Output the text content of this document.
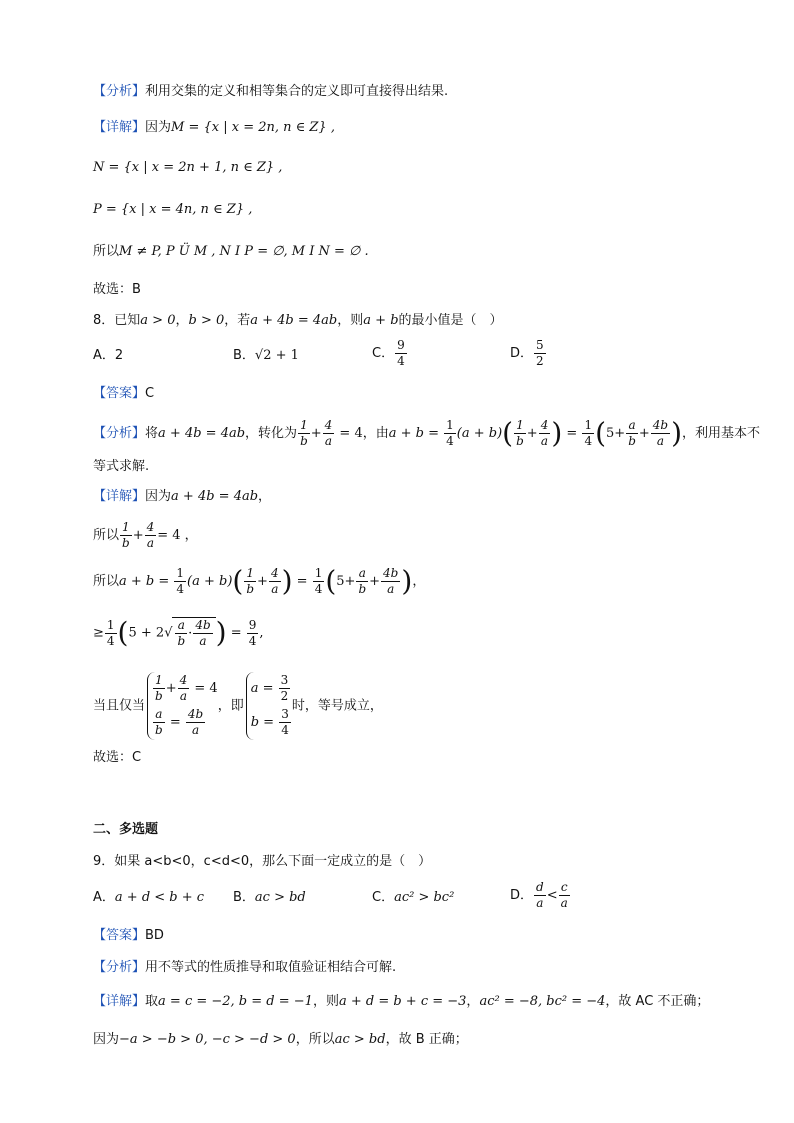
【分析】利用交集的定义和相等集合的定义即可直接得出结果.
【详解】因为M = {x | x = 2n, n ∈ Z} ,
N = {x | x = 2n + 1, n ∈ Z} ,
P = {x | x = 4n, n ∈ Z} ,
所以M ≠ P, P Ü M , N I P = ∅, M I N = ∅ .
故选：B
8．已知a > 0，b > 0，若a + 4b = 4ab，则a + b的最小值是（　）
A．2	B．√2 + 1	C． $\frac{9}{4}$	D． $\frac{5}{2}$
【答案】C
【分析】将a + 4b = 4ab，转化为 $\frac{1}{b} + \frac{4}{a} = 4$，由$a + b = \frac{1}{4} (a + b)( \frac{1}{b} + \frac{4}{a}$ ) = $\frac{1}{4} (5+ \frac{a}{b} + \frac{4b}{a}$ )，利用基本不
等式求解.
【详解】因为a + 4b = 4ab，
所以 $\frac{1}{b} + \frac{4}{a} = 4$ ，
所以$a + b = \frac{1}{4} (a + b)( \frac{1}{b} + \frac{4}{a}$ ) = $\frac{1}{4} (5+ \frac{a}{b} + \frac{4b}{a}$ )，
≥ $\frac{1}{4} (5 + 2√ \frac{a}{b} \cdot \frac{4b}{a}$ ) = $\frac{9}{4}$ ,
当且仅当
$\frac{1}{b} + \frac{4}{a} = 4$
$\frac{a}{b} = \frac{4b}{a}$
，即
$a = \frac{3}{2}$
$b = \frac{3}{4}$
时，等号成立，
故选：C
二、多选题
9．如果 a<b<0，c<d<0，那么下面一定成立的是（　）
A．a + d < b + c B．ac > bd	C．ac² > bc²	D． $\frac{d}{a} < \frac{c}{a}$
【答案】BD
【分析】用不等式的性质推导和取值验证相结合可解.
【详解】取a = c = −2, b = d = −1，则a + d = b + c = −3，ac² = −8, bc² = −4，故 AC 不正确；
因为−a > −b > 0, −c > −d > 0，所以ac > bd，故 B 正确；
